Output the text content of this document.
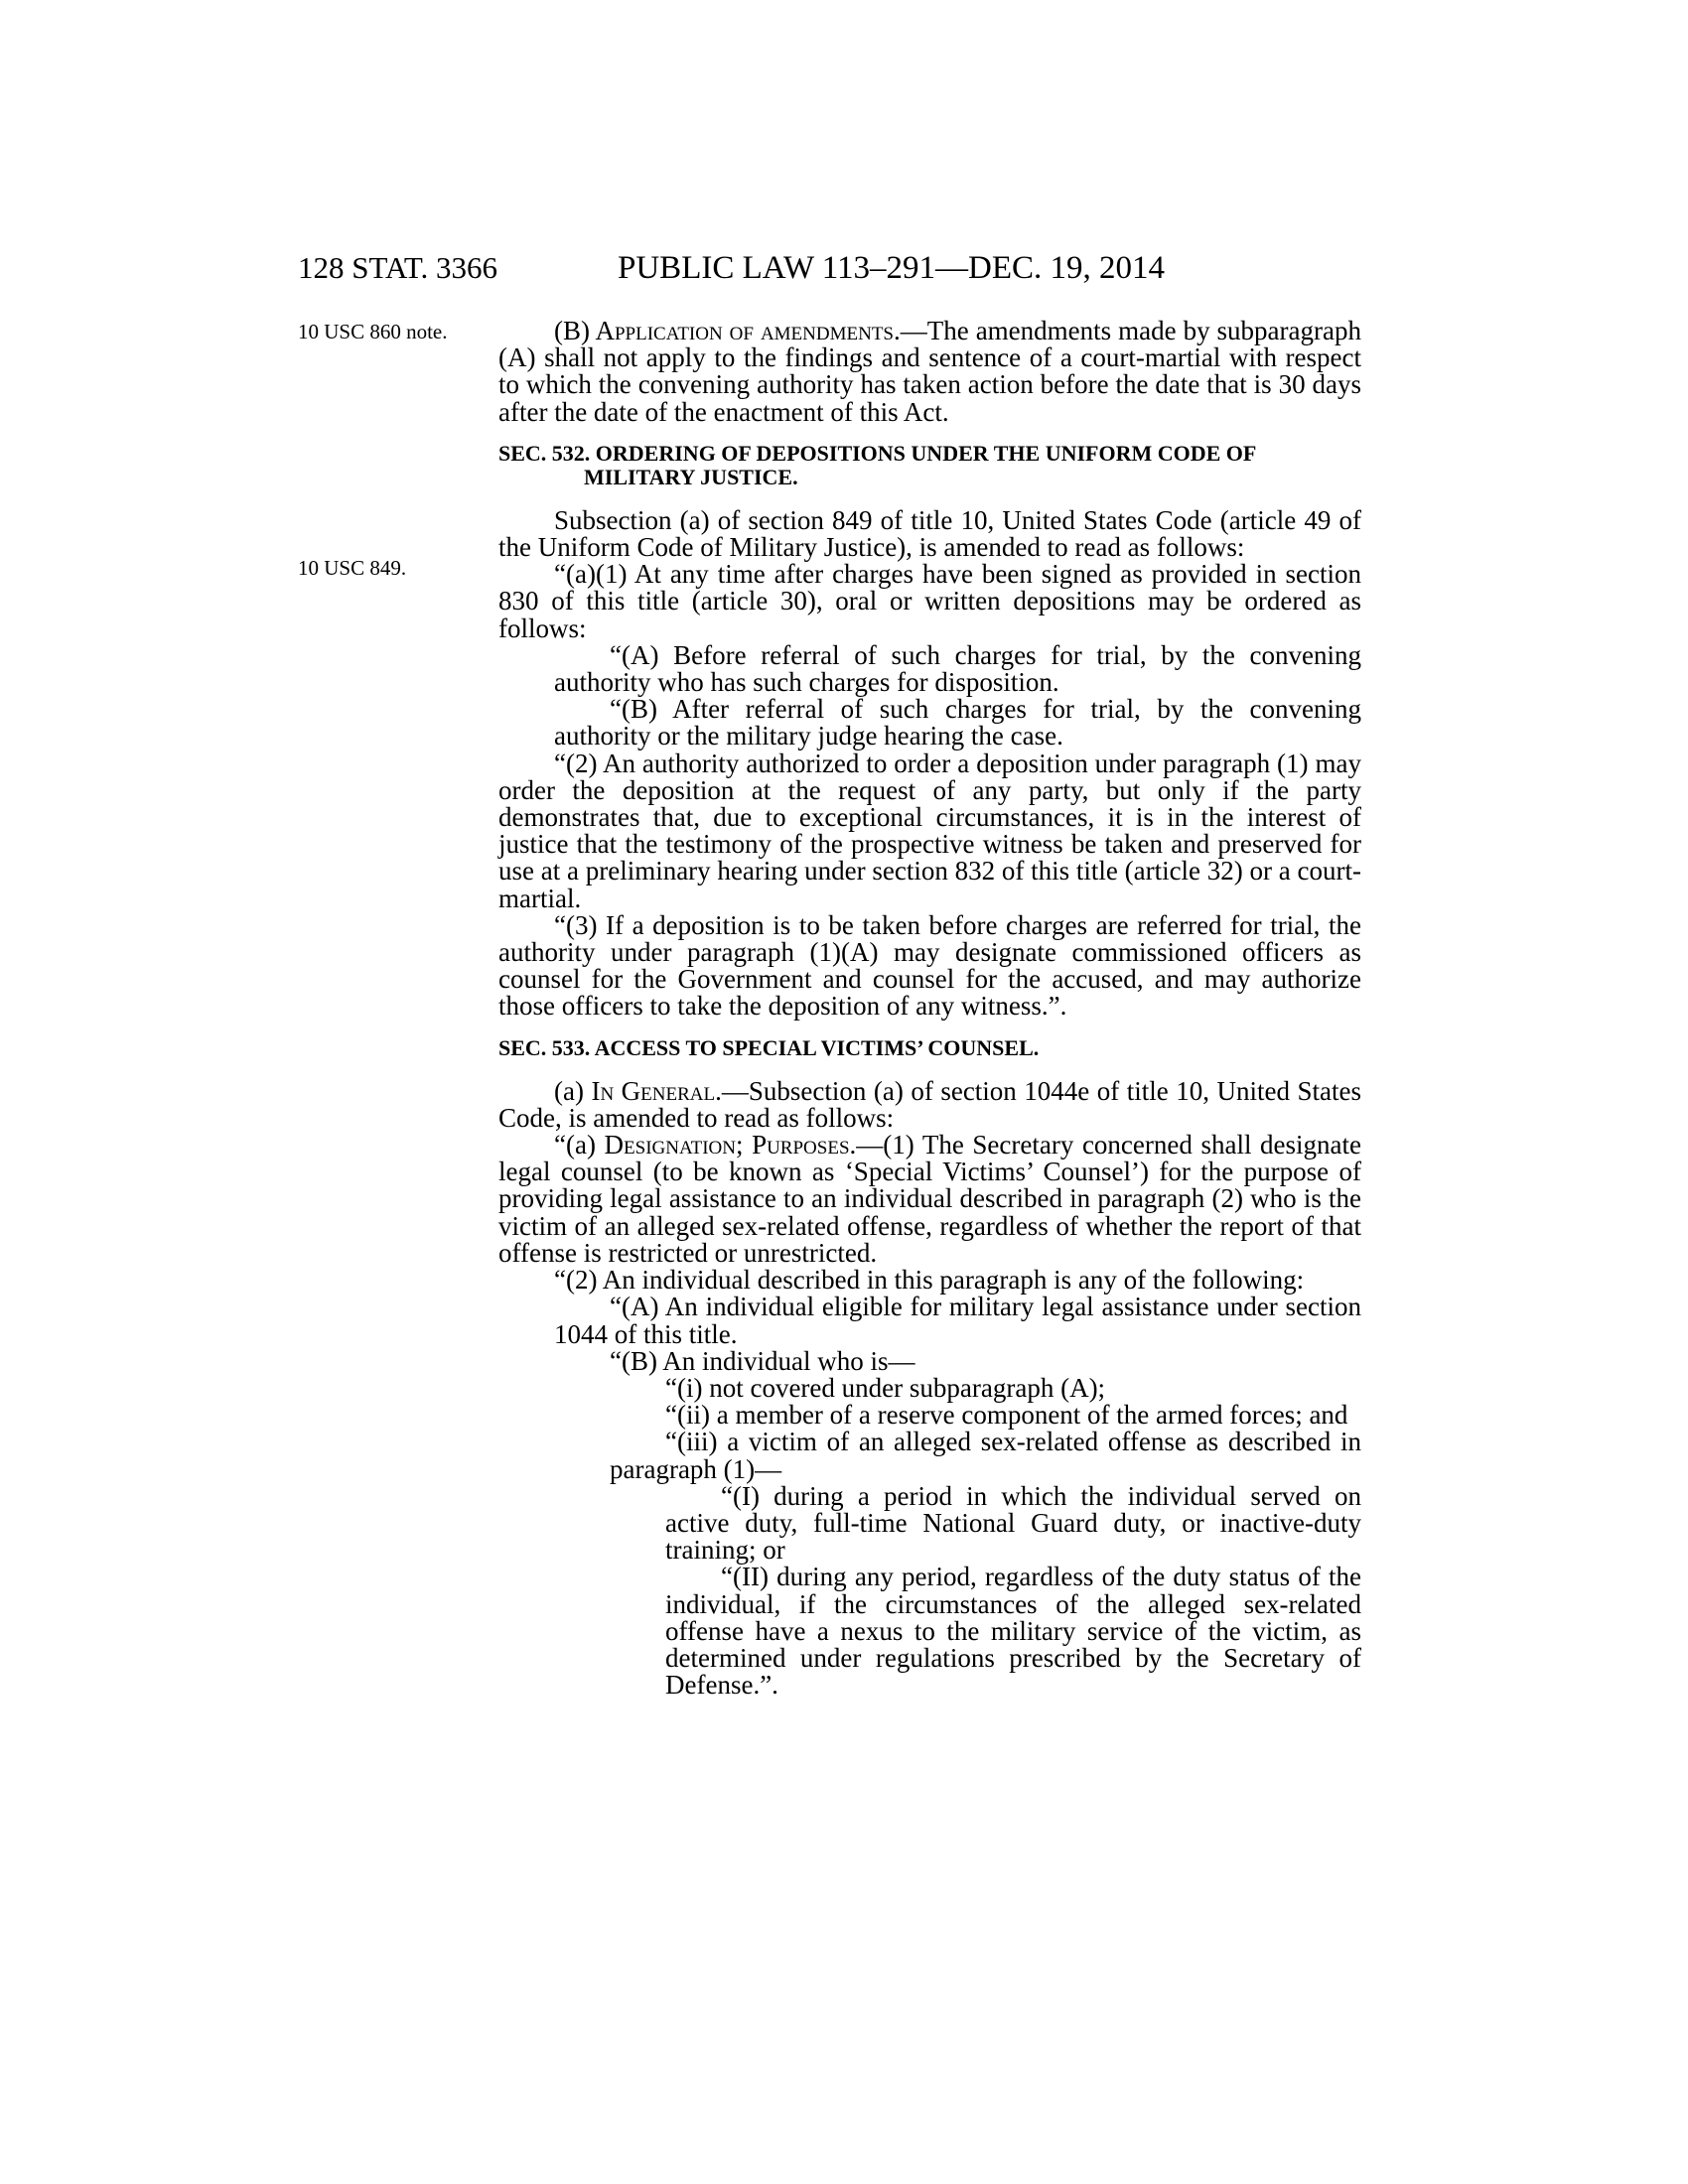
128 STAT. 3366	PUBLIC LAW 113–291—DEC. 19, 2014
10 USC 860 note.
10 USC 849.

(B) Application of amendments.—The amendments made by subparagraph (A) shall not apply to the findings and sentence of a court-martial with respect to which the convening authority has taken action before the date that is 30 days after the date of the enactment of this Act.

SEC. 532. ORDERING OF DEPOSITIONS UNDER THE UNIFORM CODE OF MILITARY JUSTICE.

Subsection (a) of section 849 of title 10, United States Code (article 49 of the Uniform Code of Military Justice), is amended to read as follows:

“(a)(1) At any time after charges have been signed as provided in section 830 of this title (article 30), oral or written depositions may be ordered as follows:

“(A) Before referral of such charges for trial, by the convening authority who has such charges for disposition.

“(B) After referral of such charges for trial, by the convening authority or the military judge hearing the case.

“(2) An authority authorized to order a deposition under paragraph (1) may order the deposition at the request of any party, but only if the party demonstrates that, due to exceptional circumstances, it is in the interest of justice that the testimony of the prospective witness be taken and preserved for use at a preliminary hearing under section 832 of this title (article 32) or a court-martial.

“(3) If a deposition is to be taken before charges are referred for trial, the authority under paragraph (1)(A) may designate commissioned officers as counsel for the Government and counsel for the accused, and may authorize those officers to take the deposition of any witness.”.

SEC. 533. ACCESS TO SPECIAL VICTIMS’ COUNSEL.

(a) In General.—Subsection (a) of section 1044e of title 10, United States Code, is amended to read as follows:

“(a) Designation; Purposes.—(1) The Secretary concerned shall designate legal counsel (to be known as ‘Special Victims’ Counsel’) for the purpose of providing legal assistance to an individual described in paragraph (2) who is the victim of an alleged sex-related offense, regardless of whether the report of that offense is restricted or unrestricted.

“(2) An individual described in this paragraph is any of the following:

“(A) An individual eligible for military legal assistance under section 1044 of this title.

“(B) An individual who is—

“(i) not covered under subparagraph (A);

“(ii) a member of a reserve component of the armed forces; and

“(iii) a victim of an alleged sex-related offense as described in paragraph (1)—

“(I) during a period in which the individual served on active duty, full-time National Guard duty, or inactive-duty training; or

“(II) during any period, regardless of the duty status of the individual, if the circumstances of the alleged sex-related offense have a nexus to the military service of the victim, as determined under regulations prescribed by the Secretary of Defense.”.
